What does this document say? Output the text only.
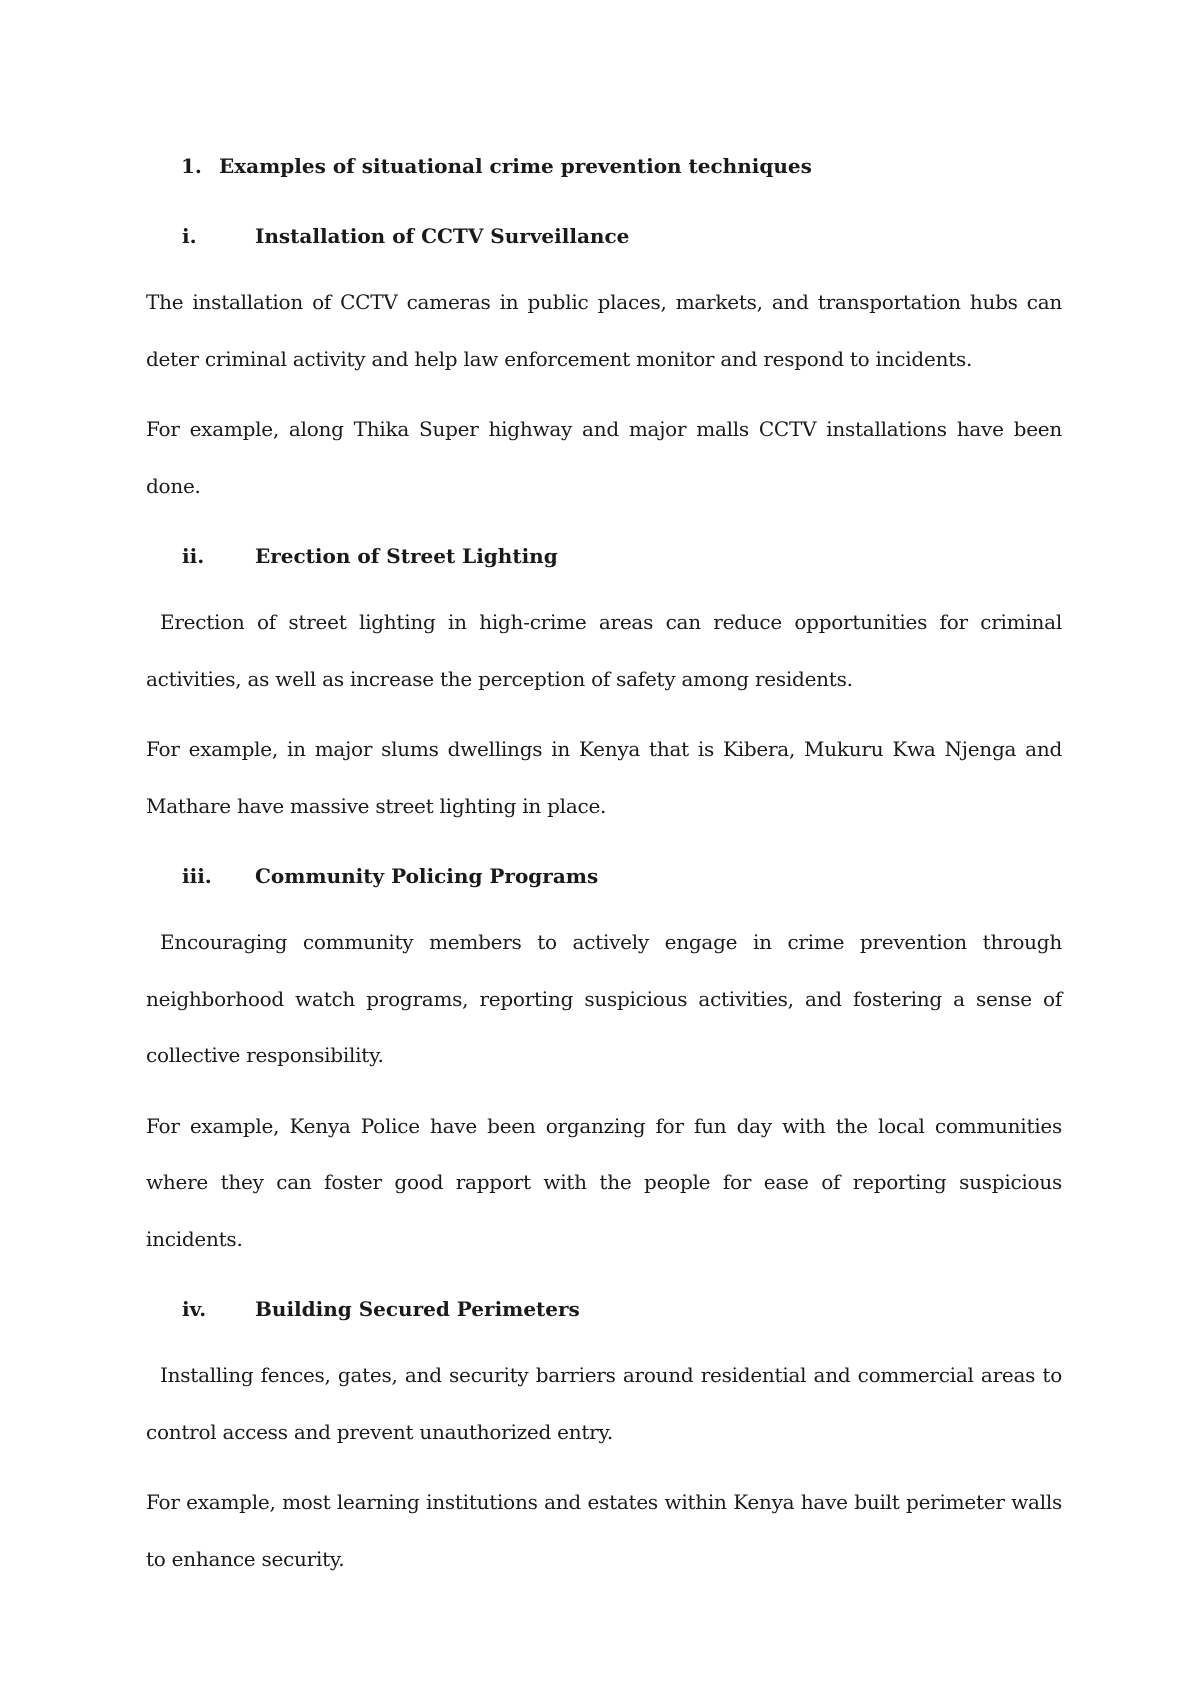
1. Examples of situational crime prevention techniques
i.	Installation of CCTV Surveillance

The installation of CCTV cameras in public places, markets, and transportation hubs can deter criminal activity and help law enforcement monitor and respond to incidents.

For example, along Thika Super highway and major malls CCTV installations have been done.

ii.	Erection of Street Lighting

Erection of street lighting in high-crime areas can reduce opportunities for criminal activities, as well as increase the perception of safety among residents.

For example, in major slums dwellings in Kenya that is Kibera, Mukuru Kwa Njenga and Mathare have massive street lighting in place.

iii.	Community Policing Programs

Encouraging community members to actively engage in crime prevention through neighborhood watch programs, reporting suspicious activities, and fostering a sense of collective responsibility.

For example, Kenya Police have been organzing for fun day with the local communities where they can foster good rapport with the people for ease of reporting suspicious incidents.

iv.	Building Secured Perimeters

Installing fences, gates, and security barriers around residential and commercial areas to control access and prevent unauthorized entry.

For example, most learning institutions and estates within Kenya have built perimeter walls to enhance security.
